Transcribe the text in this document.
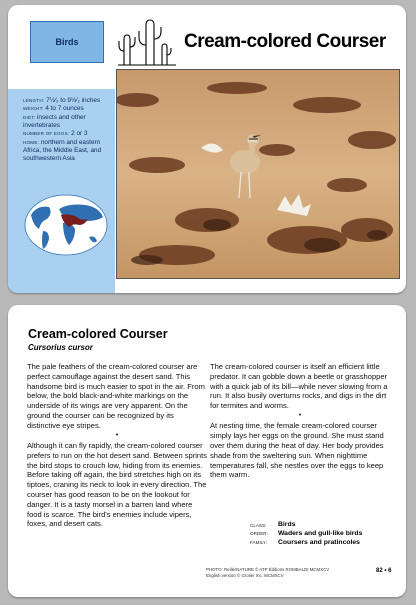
Birds	Cream-colored Courser
LENGTH: 7½⁄₂ to 9½⁄₂ inches
WEIGHT: 4 to 7 ounces
DIET: insects and other invertebrates
NUMBER OF EGGS: 2 or 3
HOME: northern and eastern Africa, the Middle East, and southwestern Asia
Cream-colored Courser
Cursorius cursor

The pale feathers of the cream-colored courser are perfect camouflage against the desert sand. This handsome bird is much easier to spot in the air. From below, the bold black-and-white markings on the underside of its wings are very apparent. On the ground the courser can be recognized by its distinctive eye stripes.

•

Although it can fly rapidly, the cream-colored courser prefers to run on the hot desert sand. Between sprints the bird stops to crouch low, hiding from its enemies. Before taking off again, the bird stretches high on its tiptoes, craning its neck to look in every direction. The courser has good reason to be on the lookout for danger. It is a tasty morsel in a barren land where food is scarce. The bird's enemies include vipers, foxes, and desert cats.

The cream-colored courser is itself an efficient little predator. It can gobble down a beetle or grasshopper with a quick jab of its bill—while never slowing from a run. It also busily overturns rocks, and digs in the dirt for termites and worms.

•

At nesting time, the female cream-colored courser simply lays her eggs on the ground. She must stand over them during the heat of day. Her body provides shade from the sweltering sun. When nighttime temperatures fall, she nestles over the eggs to keep them warm.

CLASS:	Birds
ORDER:	Waders and gull-like birds
FAMILY:	Coursers and pratincoles
PHOTO: Reille/NATURE © ATP Éditions ROMBALDI MCMXCV
English version © Grolier Inc. MCMXCV
82 • 6
